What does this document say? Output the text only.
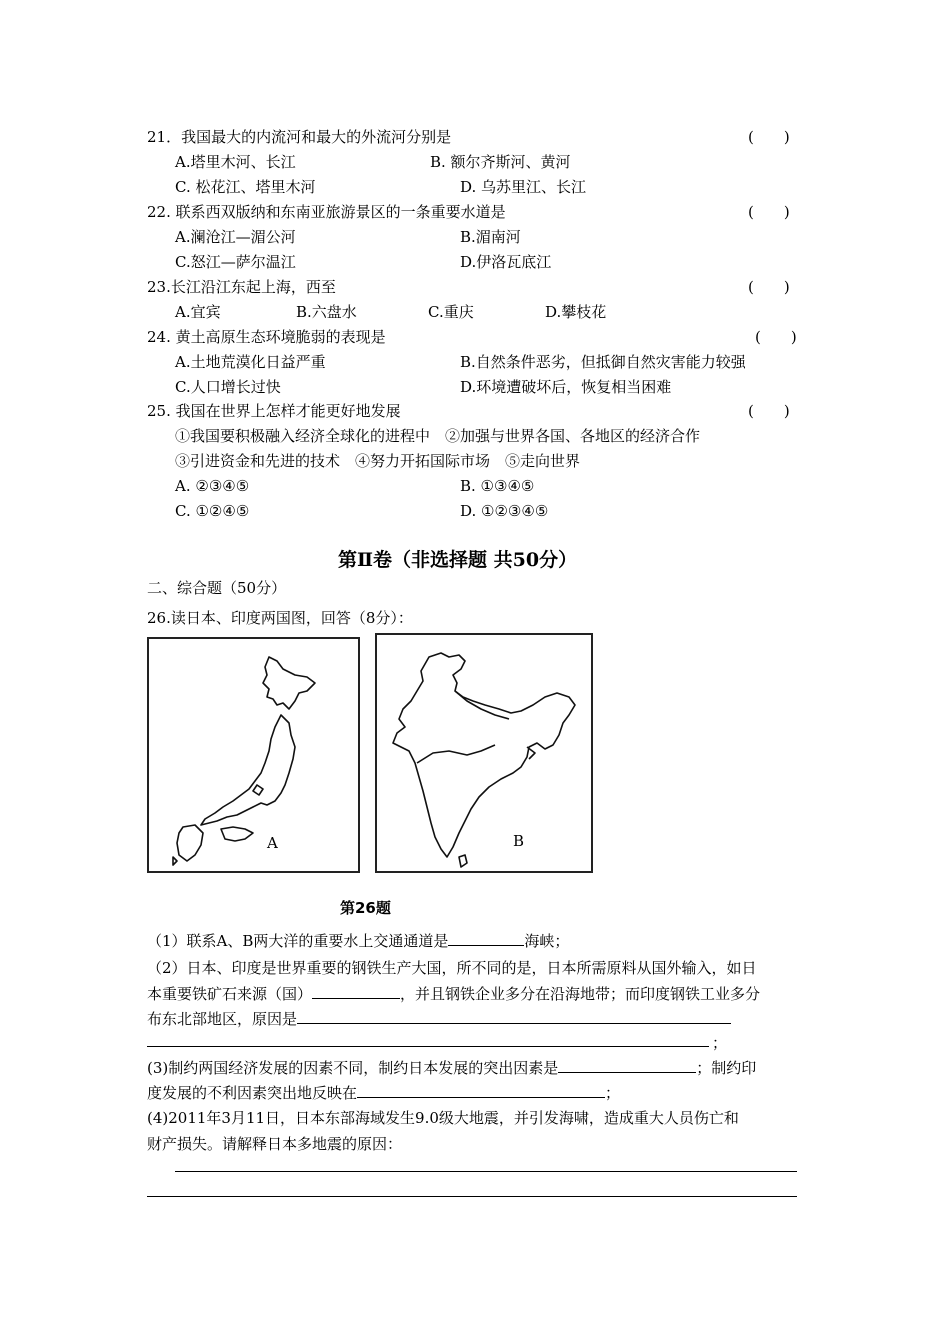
21．我国最大的内流河和最大的外流河分别是	(　　)
A.塔里木河、长江	B. 额尔齐斯河、黄河
C. 松花江、塔里木河	D. 乌苏里江、长江
22. 联系西双版纳和东南亚旅游景区的一条重要水道是	(　　)
A.澜沧江—湄公河	B.湄南河
C.怒江—萨尔温江	D.伊洛瓦底江
23.长江沿江东起上海，西至	(　　)
A.宜宾	B.六盘水	C.重庆	D.攀枝花
24. 黄土高原生态环境脆弱的表现是	(　　)
A.土地荒漠化日益严重	B.自然条件恶劣，但抵御自然灾害能力较强
C.人口增长过快	D.环境遭破坏后，恢复相当困难
25. 我国在世界上怎样才能更好地发展	(　　)
①我国要积极融入经济全球化的进程中　②加强与世界各国、各地区的经济合作
③引进资金和先进的技术　④努力开拓国际市场　⑤走向世界
A. ②③④⑤	B. ①③④⑤
C. ①②④⑤	D. ①②③④⑤
第Ⅱ卷（非选择题 共50分）
二、综合题（50分）
26.读日本、印度两国图，回答（8分）：
A	B
第26题
（1）联系A、B两大洋的重要水上交通通道是	海峡；
（2）日本、印度是世界重要的钢铁生产大国，所不同的是，日本所需原料从国外输入，如日
本重要铁矿石来源（国）	，并且钢铁企业多分在沿海地带；而印度钢铁工业多分
布东北部地区，原因是
；
(3)制约两国经济发展的因素不同，制约日本发展的突出因素是	；制约印
度发展的不利因素突出地反映在	；
(4)2011年3月11日，日本东部海域发生9.0级大地震，并引发海啸，造成重大人员伤亡和
财产损失。请解释日本多地震的原因：
